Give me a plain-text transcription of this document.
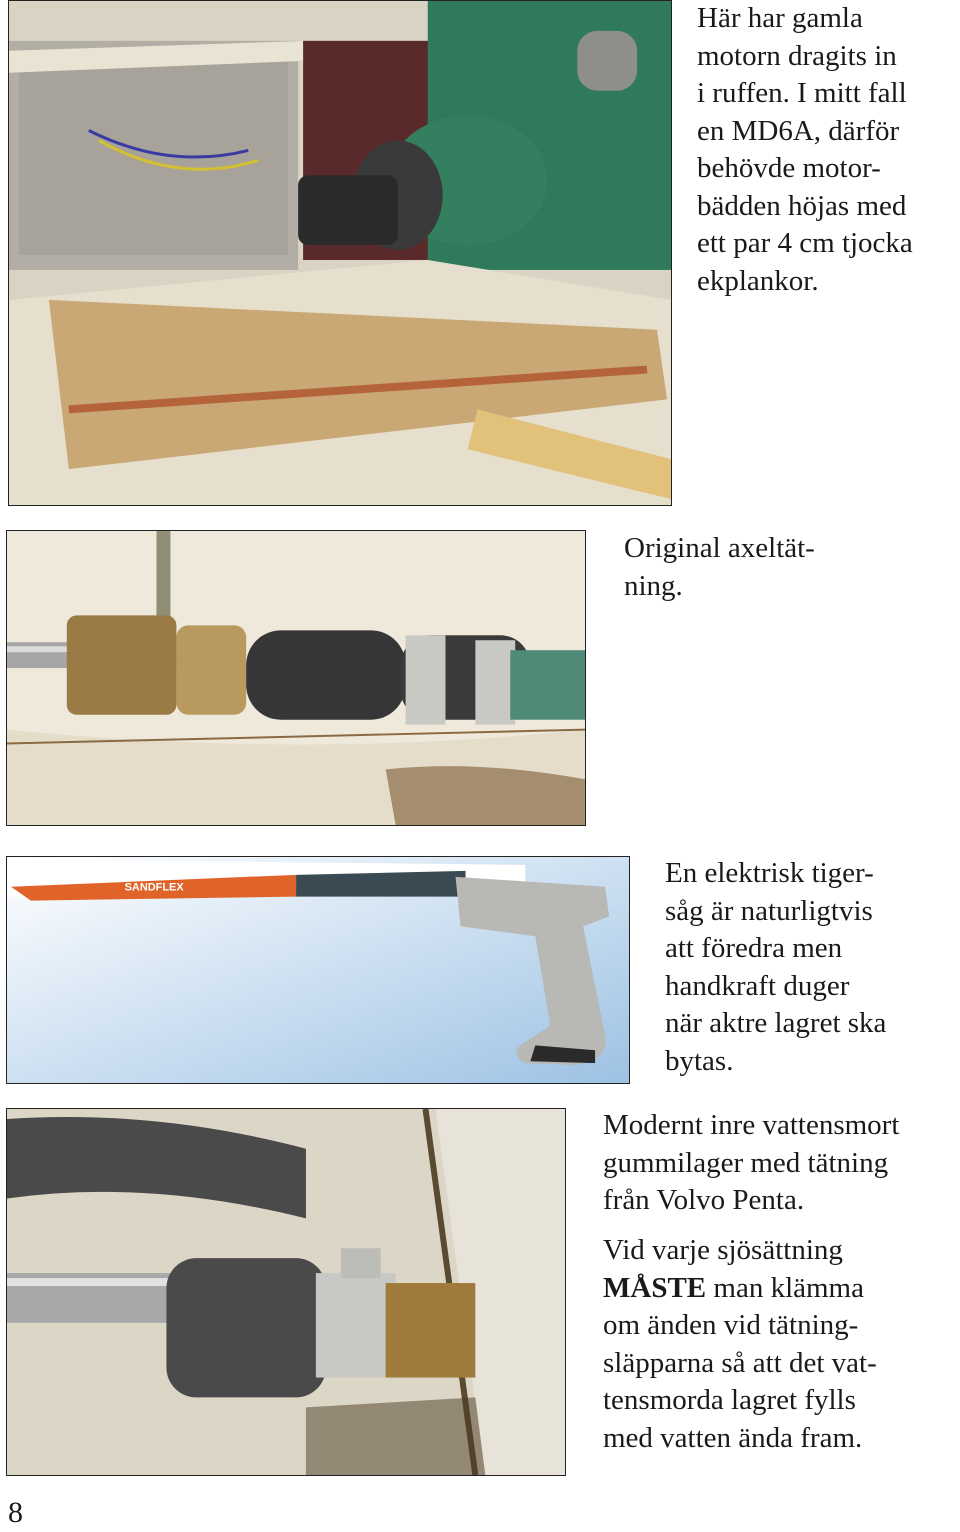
Här har gamla
motorn dragits in
i ruffen. I mitt fall
en MD6A, därför
behövde motor-
bädden höjas med
ett par 4 cm tjocka
ekplankor.
Original axeltät-
ning.
SANDFLEX	En elektrisk tiger-
såg är naturligtvis
att föredra men
handkraft duger
när aktre lagret ska
bytas.
Modernt inre vattensmort
gummilager med tätning
från Volvo Penta.
Vid varje sjösättning
MÅSTE man klämma
om änden vid tätning-
släpparna så att det vat-
tensmorda lagret fylls
med vatten ända fram.
8
